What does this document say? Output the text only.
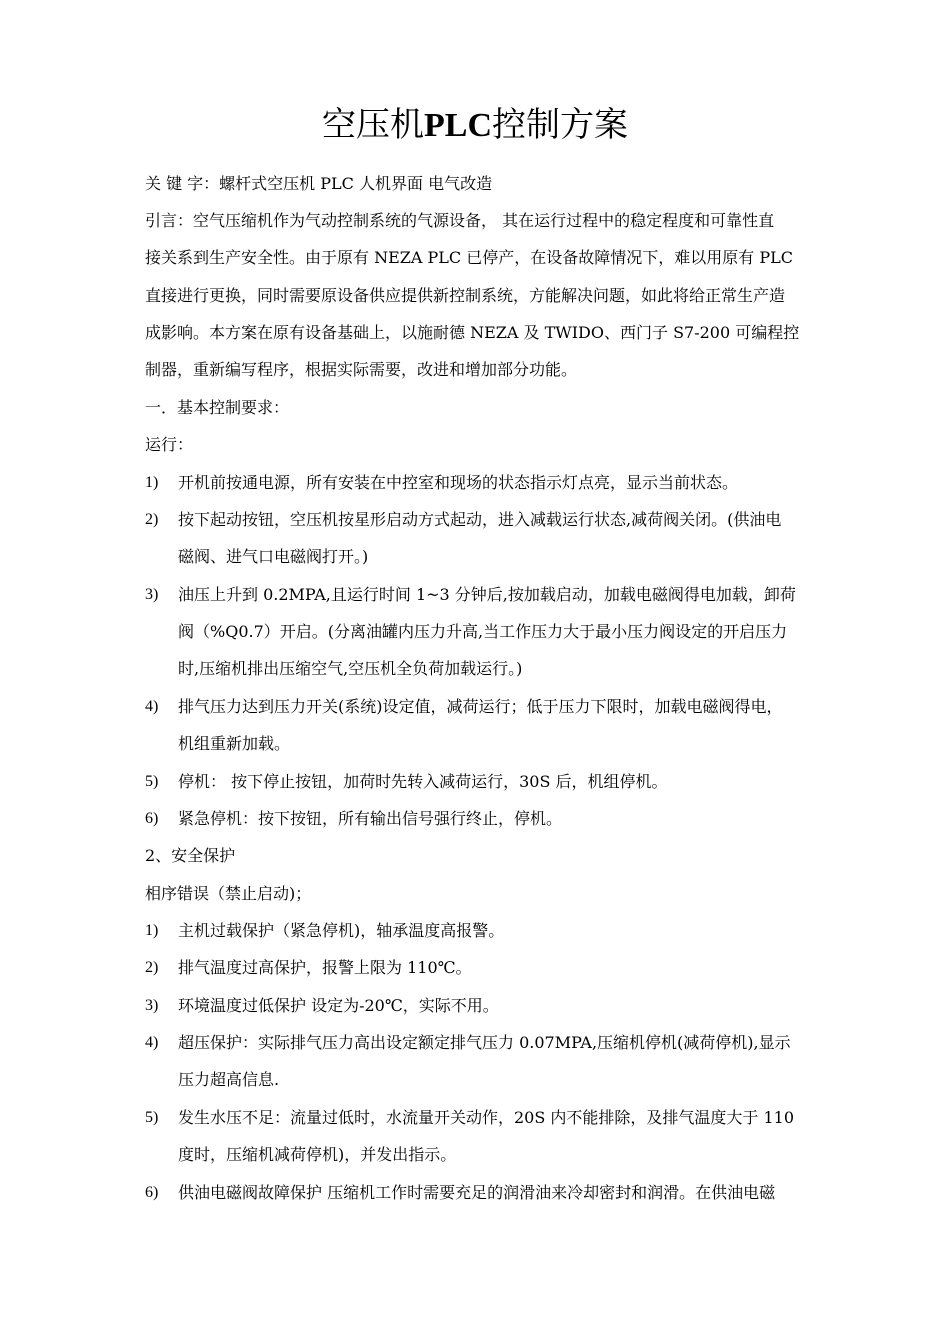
空压机PLC控制方案
关 键 字：螺杆式空压机 PLC 人机界面 电气改造
引言：空气压缩机作为气动控制系统的气源设备， 其在运行过程中的稳定程度和可靠性直
接关系到生产安全性。由于原有 NEZA PLC 已停产，在设备故障情况下，难以用原有 PLC
直接进行更换，同时需要原设备供应提供新控制系统，方能解决问题，如此将给正常生产造
成影响。本方案在原有设备基础上，以施耐德 NEZA 及 TWIDO、西门子 S7-200 可编程控
制器，重新编写程序，根据实际需要，改进和增加部分功能。
一．基本控制要求：
运行：
1)	开机前按通电源，所有安装在中控室和现场的状态指示灯点亮，显示当前状态。
2)	按下起动按钮，空压机按星形启动方式起动，进入减载运行状态,减荷阀关闭。(供油电
磁阀、进气口电磁阀打开。)
3)	油压上升到 0.2MPA,且运行时间 1~3 分钟后,按加载启动，加载电磁阀得电加载，卸荷
阀（%Q0.7）开启。(分离油罐内压力升高,当工作压力大于最小压力阀设定的开启压力
时,压缩机排出压缩空气,空压机全负荷加载运行。)
4)	排气压力达到压力开关(系统)设定值，减荷运行；低于压力下限时，加载电磁阀得电，
机组重新加载。
5)	停机： 按下停止按钮，加荷时先转入减荷运行，30S 后，机组停机。
6)	紧急停机：按下按钮，所有输出信号强行终止，停机。
2、安全保护
相序错误（禁止启动)；
1)	主机过载保护（紧急停机)，轴承温度高报警。
2)	排气温度过高保护，报警上限为 110℃。
3)	环境温度过低保护 设定为-20℃，实际不用。
4)	超压保护：实际排气压力高出设定额定排气压力 0.07MPA,压缩机停机(减荷停机),显示
压力超高信息.
5)	发生水压不足：流量过低时，水流量开关动作，20S 内不能排除，及排气温度大于 110
度时，压缩机减荷停机)，并发出指示。
6)	供油电磁阀故障保护 压缩机工作时需要充足的润滑油来冷却密封和润滑。在供油电磁
